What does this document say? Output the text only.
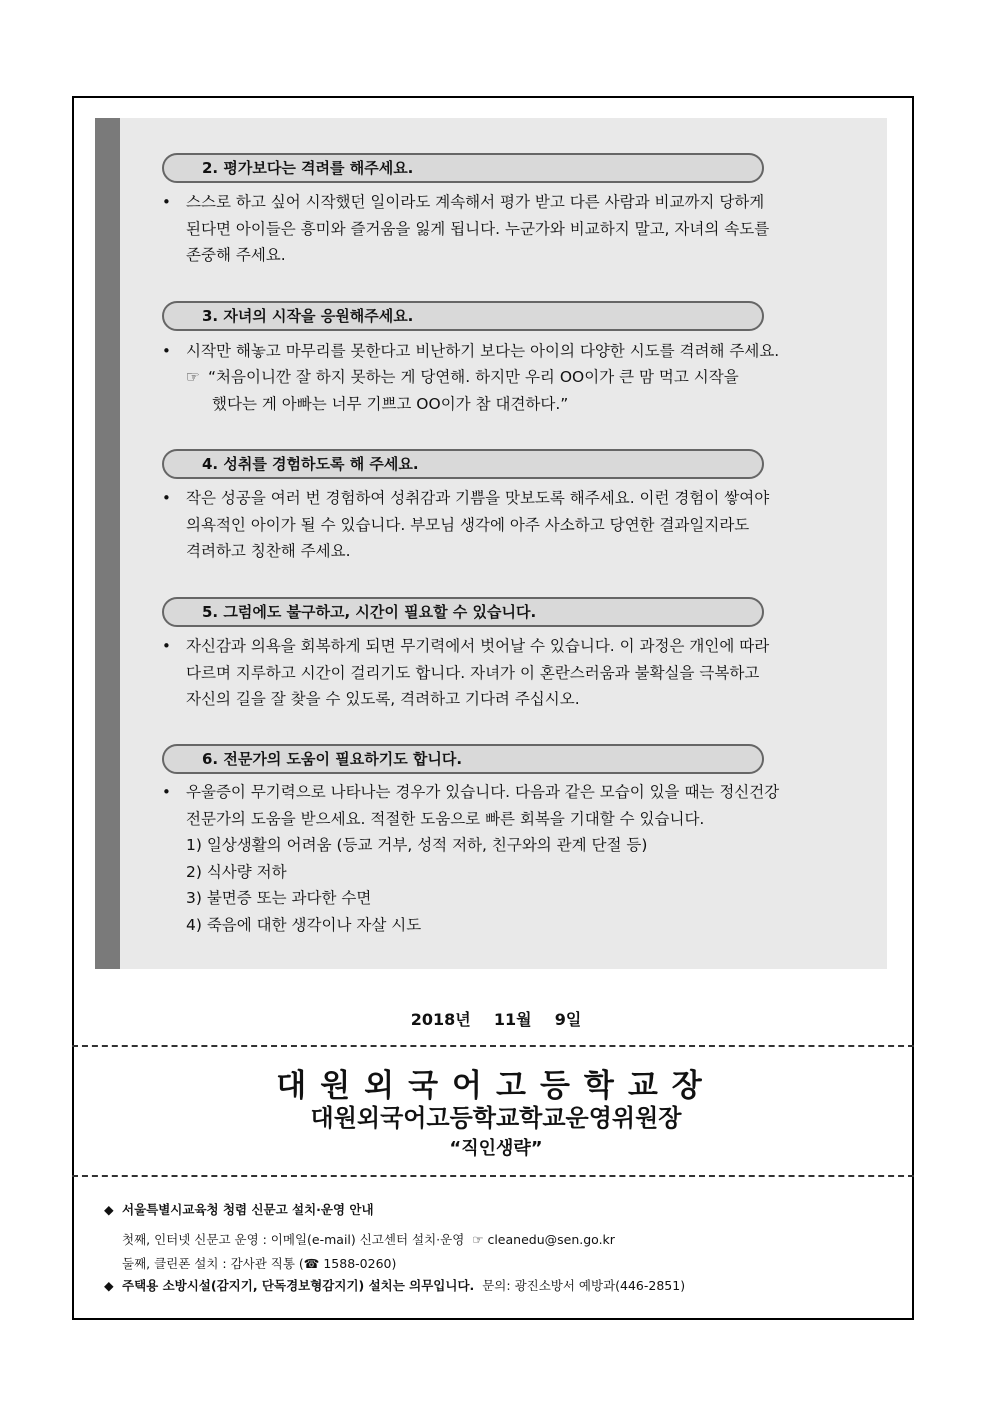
2. 평가보다는 격려를 해주세요.
• 스스로 하고 싶어 시작했던 일이라도 계속해서 평가 받고 다른 사람과 비교까지 당하게
된다면 아이들은 흥미와 즐거움을 잃게 됩니다. 누군가와 비교하지 말고, 자녀의 속도를
존중해 주세요.
3. 자녀의 시작을 응원해주세요.
• 시작만 해놓고 마무리를 못한다고 비난하기 보다는 아이의 다양한 시도를 격려해 주세요.
☞ “처음이니깐 잘 하지 못하는 게 당연해. 하지만 우리 OO이가 큰 맘 먹고 시작을
했다는 게 아빠는 너무 기쁘고 OO이가 참 대견하다.”
4. 성취를 경험하도록 해 주세요.
• 작은 성공을 여러 번 경험하여 성취감과 기쁨을 맛보도록 해주세요. 이런 경험이 쌓여야
의욕적인 아이가 될 수 있습니다. 부모님 생각에 아주 사소하고 당연한 결과일지라도
격려하고 칭찬해 주세요.
5. 그럼에도 불구하고, 시간이 필요할 수 있습니다.
• 자신감과 의욕을 회복하게 되면 무기력에서 벗어날 수 있습니다. 이 과정은 개인에 따라
다르며 지루하고 시간이 걸리기도 합니다. 자녀가 이 혼란스러움과 불확실을 극복하고
자신의 길을 잘 찾을 수 있도록, 격려하고 기다려 주십시오.
6. 전문가의 도움이 필요하기도 합니다.
• 우울증이 무기력으로 나타나는 경우가 있습니다. 다음과 같은 모습이 있을 때는 정신건강
전문가의 도움을 받으세요. 적절한 도움으로 빠른 회복을 기대할 수 있습니다.
1) 일상생활의 어려움 (등교 거부, 성적 저하, 친구와의 관계 단절 등)
2) 식사량 저하
3) 불면증 또는 과다한 수면
4) 죽음에 대한 생각이나 자살 시도
2018년  11월  9일
대원외국어고등학교장
대원외국어고등학교학교운영위원장
“직인생략”
◆ 서울특별시교육청 청렴 신문고 설치·운영 안내
첫째, 인터넷 신문고 운영 : 이메일(e-mail) 신고센터 설치·운영 ☞ cleanedu@sen.go.kr
둘째, 클린폰 설치 : 감사관 직통 (☎ 1588-0260)
◆ 주택용 소방시설(감지기, 단독경보형감지기) 설치는 의무입니다. 문의: 광진소방서 예방과(446-2851)
